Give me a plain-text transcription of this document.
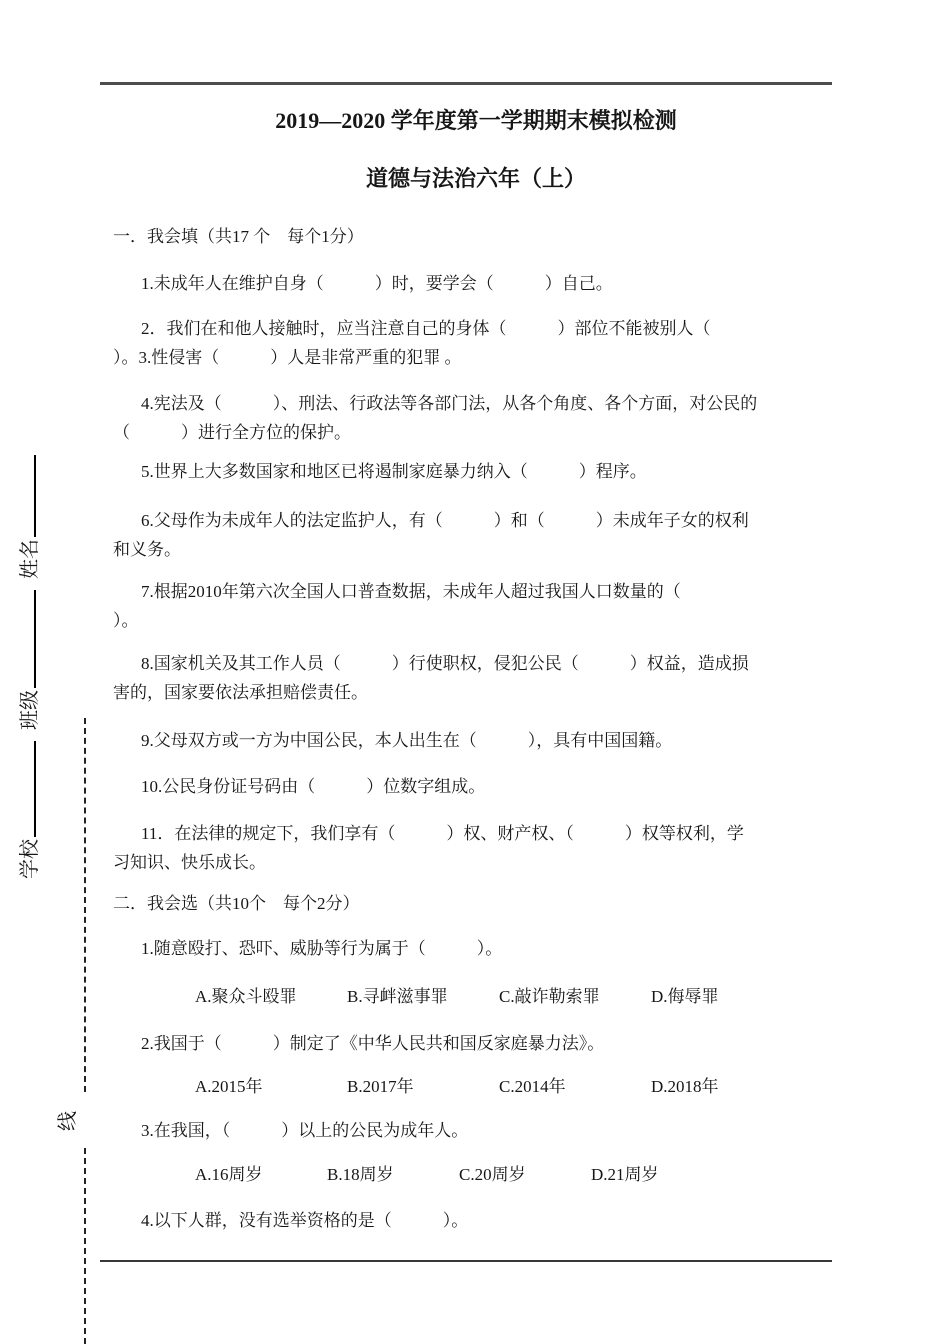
学校 班级 姓名
线
2019—2020 学年度第一学期期末模拟检测
道德与法治六年（上）
一．我会填（共17 个　每个1分）
1.未成年人在维护自身（　　　）时，要学会（　　　）自己。
2．我们在和他人接触时，应当注意自己的身体（　　　）部位不能被别人（
）。3.性侵害（　　　）人是非常严重的犯罪 。
4.宪法及（　　　）、刑法、行政法等各部门法，从各个角度、各个方面，对公民的
（　　　）进行全方位的保护。
5.世界上大多数国家和地区已将遏制家庭暴力纳入（　　　）程序。
6.父母作为未成年人的法定监护人，有（　　　）和（　　　）未成年子女的权利
和义务。
7.根据2010年第六次全国人口普查数据，未成年人超过我国人口数量的（
）。
8.国家机关及其工作人员（　　　）行使职权，侵犯公民（　　　）权益，造成损
害的，国家要依法承担赔偿责任。
9.父母双方或一方为中国公民，本人出生在（　　　），具有中国国籍。
10.公民身份证号码由（　　　）位数字组成。
11．在法律的规定下，我们享有（　　　）权、财产权、（　　　）权等权利，学
习知识、快乐成长。
二．我会选（共10个　每个2分）
1.随意殴打、恐吓、威胁等行为属于（　　　）。
A.聚众斗殴罪	B.寻衅滋事罪	C.敲诈勒索罪	D.侮辱罪
2.我国于（　　　）制定了《中华人民共和国反家庭暴力法》。
A.2015年	B.2017年	C.2014年	D.2018年
3.在我国，（　　　）以上的公民为成年人。
A.16周岁	B.18周岁	C.20周岁	D.21周岁
4.以下人群，没有选举资格的是（　　　）。
